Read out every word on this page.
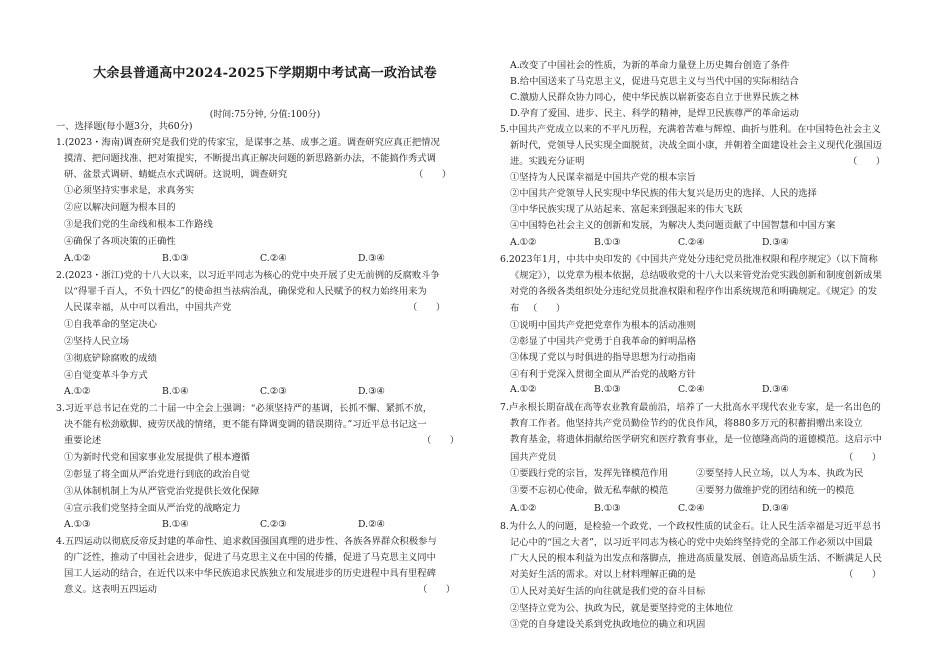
大余县普通高中2024-2025下学期期中考试高一政治试卷
(时间:75分钟, 分值:100分)
一、选择题(每小题3分，共60分)
1.(2023・海南)调查研究是我们党的传家宝，是谋事之基、成事之道。调查研究应真正把情况
摸清、把问题找准、把对策提实，不断提出真正解决问题的新思路新办法，不能搞作秀式调
研、盆景式调研、蜻蜓点水式调研。这说明，调查研究	（　　）
①必须坚持实事求是，求真务实
②应以解决问题为根本目的
③是我们党的生命线和根本工作路线
④确保了各项决策的正确性
A.①②	B.①③	C.②④	D.③④
2.(2023・浙江)党的十八大以来，以习近平同志为核心的党中央开展了史无前例的反腐败斗争
以“得罪千百人，不负十四亿”的使命担当祛病治乱，确保党和人民赋予的权力始终用来为
人民谋幸福，从中可以看出，中国共产党	（　　）
①自我革命的坚定决心
②坚持人民立场
③彻底铲除腐败的成绩
④自觉变革斗争方式
A.①②	B.①④	C.②③	D.③④
3.习近平总书记在党的二十届一中全会上强调：“必须坚持严的基调，长抓不懈、紧抓不放，
决不能有松劲歇脚、疲劳厌战的情绪，更不能有降调变调的错误期待。”习近平总书记这一
重要论述	（　　）
①为新时代党和国家事业发展提供了根本遵循
②彰显了将全面从严治党进行到底的政治自觉
③从体制机制上为从严管党治党提供长效化保障
④宣示我们党坚持全面从严治党的战略定力
A.①③	B.①④	C.②③	D.②④
4.五四运动以彻底反帝反封建的革命性、追求救国强国真理的进步性、各族各界群众积极参与
的广泛性，推动了中国社会进步，促进了马克思主义在中国的传播，促进了马克思主义同中
国工人运动的结合，在近代以来中华民族追求民族独立和发展进步的历史进程中具有里程碑
意义。这表明五四运动	（　　）
A.改变了中国社会的性质，为新的革命力量登上历史舞台创造了条件
B.给中国送来了马克思主义，促进马克思主义与当代中国的实际相结合
C.激励人民群众协力同心，使中华民族以崭新姿态自立于世界民族之林
D.孕育了爱国、进步、民主、科学的精神，是焊卫民族尊严的革命运动
5.中国共产党成立以来的不平凡历程，充满着苦难与辉煌、曲折与胜利。在中国特色社会主义
新时代，党领导人民实现全面脱贫，决战全面小康，并朝着全面建设社会主义现代化强国迈
进。实践充分证明	（　　）
①坚持为人民谋幸福是中国共产党的根本宗旨
②中国共产党领导人民实现中华民族的伟大复兴是历史的选择、人民的选择
③中华民族实现了从站起来、富起来到强起来的伟大飞跃
④中国特色社会主义的创新和发展，为解决人类问题贡献了中国智慧和中国方案
A.①②	B.①③	C.②④	D.③④
6.2023年1月，中共中央印发的《中国共产党处分违纪党员批准权限和程序规定》（以下简称
《规定》），以党章为根本依据，总结吸收党的十八大以来管党治党实践创新和制度创新成果
对党的各级各类组织处分违纪党员批准权限和程序作出系统规范和明确规定。《规定》的发
布 （　　）
①说明中国共产党把党章作为根本的活动准则
②彰显了中国共产党勇于自我革命的鲜明品格
③体现了党以与时俱进的指导思想为行动指南
④有利于党深入贯彻全面从严治党的战略方针
A.①②	B.①③	C.②④	D.③④
7.卢永根长期奋战在高等农业教育最前沿，培养了一大批高水平现代农业专家，是一名出色的
教育工作者。他坚持共产党员勤俭节约的优良作风，将880多万元的积蓄捐赠出来设立
教育基金，将遗体捐献给医学研究和医疗教育事业，是一位德隆高尚的道德模范。这启示中
国共产党员	（　　）
①要践行党的宗旨，发挥先锋模范作用	②要坚持人民立场，以人为本、执政为民
③要不忘初心使命，做无私奉献的模范	④要努力做维护党的团结和统一的模范
A.①②	B.①③	C.②④	D.③④
8.为什么人的问题，是检验一个政党、一个政权性质的试金石。让人民生活幸福是习近平总书
记心中的“国之大者”，以习近平同志为核心的党中央始终坚持党的全部工作必须以中国最
广大人民的根本利益为出发点和落脚点，推进高质量发展、创造高品质生活、不断满足人民
对美好生活的需求。对以上材料理解正确的是	（　　）
①人民对美好生活的向往就是我们党的奋斗目标
②坚持立党为公、执政为民，就是要坚持党的主体地位
③党的自身建设关系到党执政地位的确立和巩固
